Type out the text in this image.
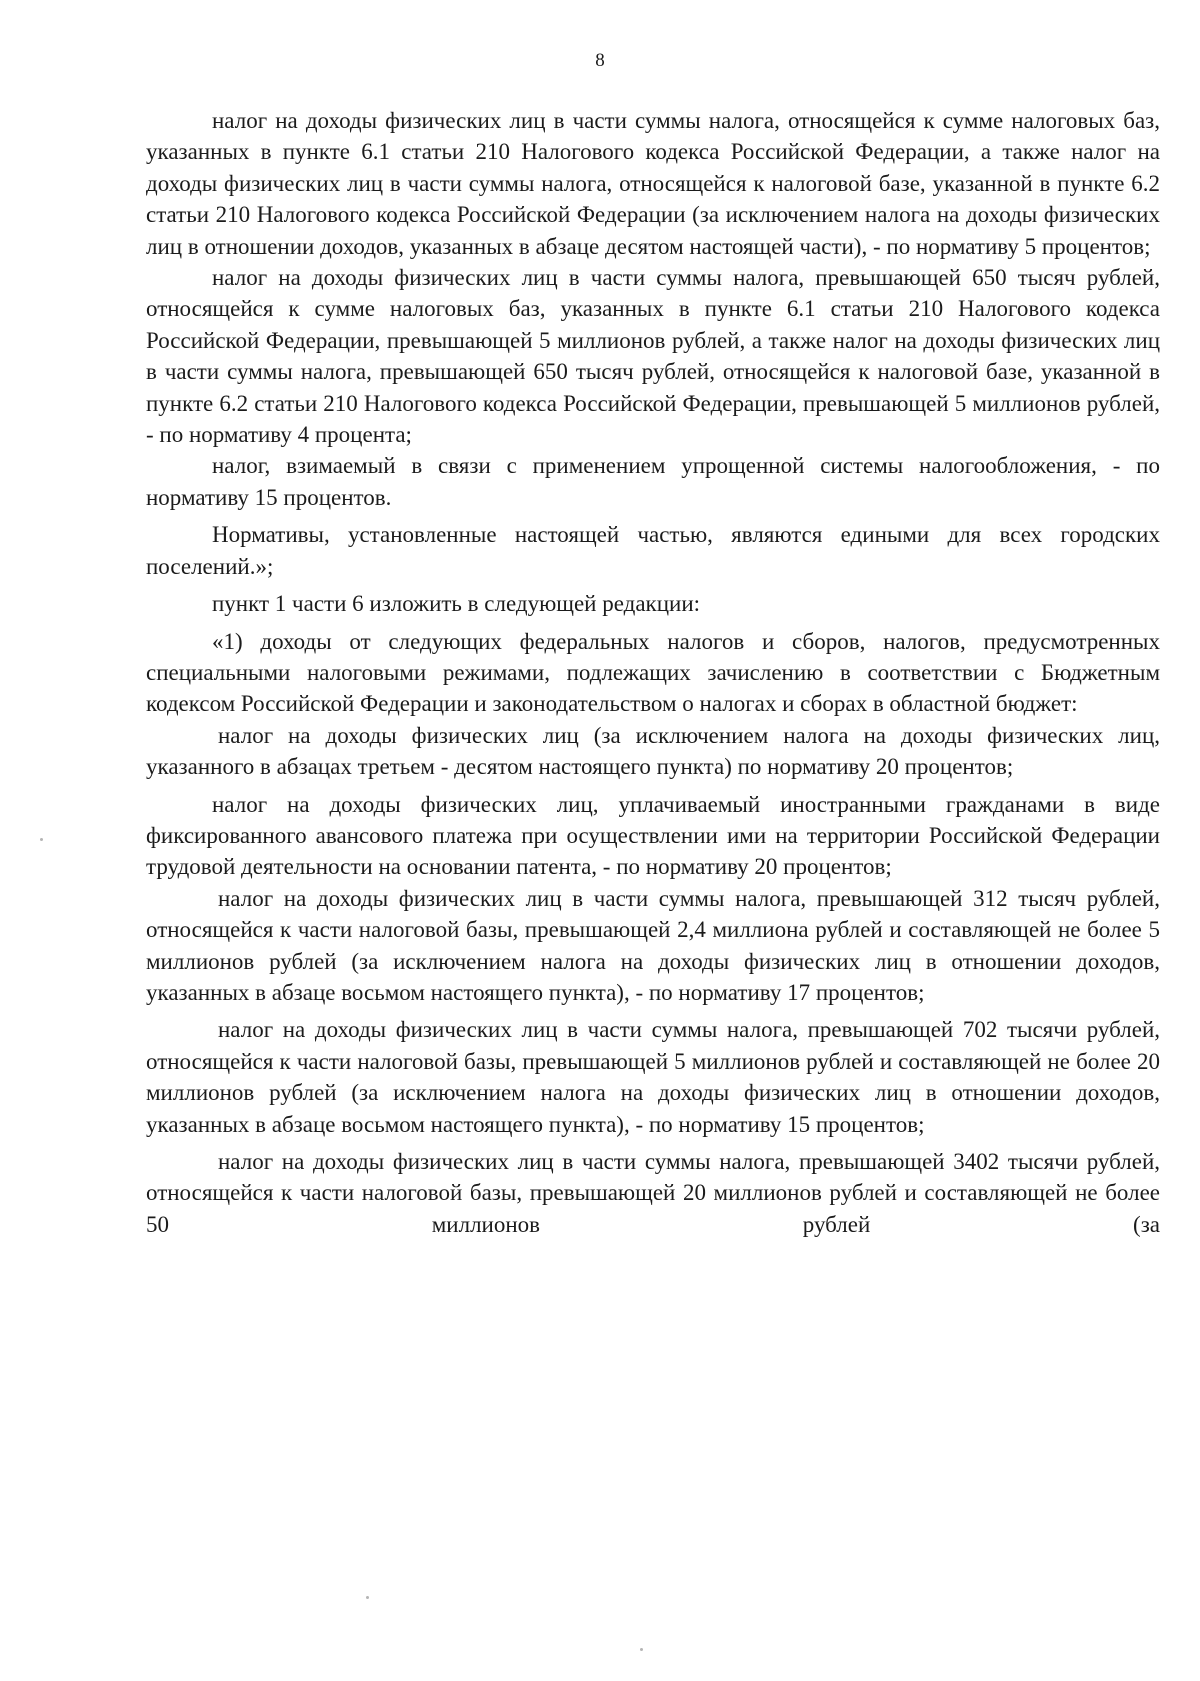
8

налог на доходы физических лиц в части суммы налога, относящейся к сумме налоговых баз, указанных в пункте 6.1 статьи 210 Налогового кодекса Российской Федерации, а также налог на доходы физических лиц в части суммы налога, относящейся к налоговой базе, указанной в пункте 6.2 статьи 210 Налогового кодекса Российской Федерации (за исключением налога на доходы физических лиц в отношении доходов, указанных в абзаце десятом настоящей части), - по нормативу 5 процентов;

налог на доходы физических лиц в части суммы налога, превышающей 650 тысяч рублей, относящейся к сумме налоговых баз, указанных в пункте 6.1 статьи 210 Налогового кодекса Российской Федерации, превышающей 5 миллионов рублей, а также налог на доходы физических лиц в части суммы налога, превышающей 650 тысяч рублей, относящейся к налоговой базе, указанной в пункте 6.2 статьи 210 Налогового кодекса Российской Федерации, превышающей 5 миллионов рублей, - по нормативу 4 процента;

налог, взимаемый в связи с применением упрощенной системы налогообложения, - по нормативу 15 процентов.

Нормативы, установленные настоящей частью, являются едиными для всех городских поселений.»;

пункт 1 части 6 изложить в следующей редакции:

«1) доходы от следующих федеральных налогов и сборов, налогов, предусмотренных специальными налоговыми режимами, подлежащих зачислению в соответствии с Бюджетным кодексом Российской Федерации и законодательством о налогах и сборах в областной бюджет:

налог на доходы физических лиц (за исключением налога на доходы физических лиц, указанного в абзацах третьем - десятом настоящего пункта) по нормативу 20 процентов;

налог на доходы физических лиц, уплачиваемый иностранными гражданами в виде фиксированного авансового платежа при осуществлении ими на территории Российской Федерации трудовой деятельности на основании патента, - по нормативу 20 процентов;

налог на доходы физических лиц в части суммы налога, превышающей 312 тысяч рублей, относящейся к части налоговой базы, превышающей 2,4 миллиона рублей и составляющей не более 5 миллионов рублей (за исключением налога на доходы физических лиц в отношении доходов, указанных в абзаце восьмом настоящего пункта), - по нормативу 17 процентов;

налог на доходы физических лиц в части суммы налога, превышающей 702 тысячи рублей, относящейся к части налоговой базы, превышающей 5 миллионов рублей и составляющей не более 20 миллионов рублей (за исключением налога на доходы физических лиц в отношении доходов, указанных в абзаце восьмом настоящего пункта), - по нормативу 15 процентов;

налог на доходы физических лиц в части суммы налога, превышающей 3402 тысячи рублей, относящейся к части налоговой базы, превышающей 20 миллионов рублей и составляющей не более 50 миллионов рублей (за
